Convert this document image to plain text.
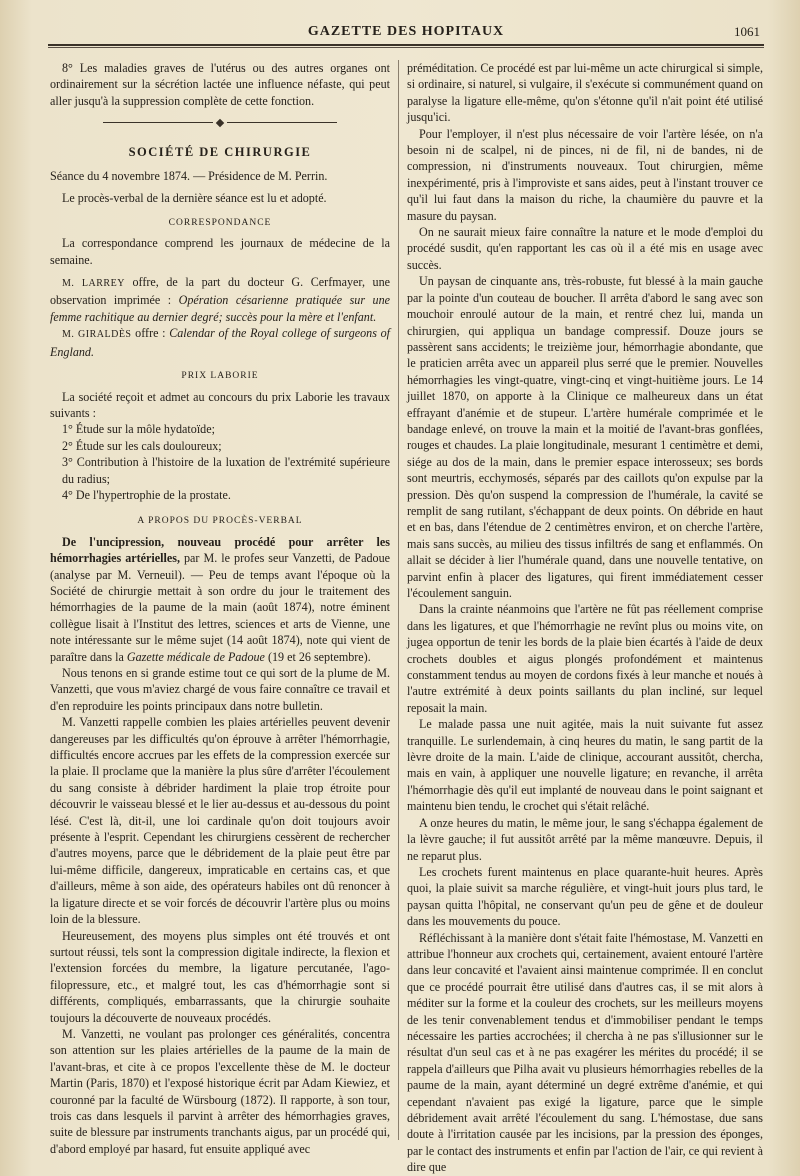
GAZETTE DES HOPITAUX	1061

8° Les maladies graves de l'utérus ou des autres organes ont ordinairement sur la sécrétion lactée une influence néfaste, qui peut aller jusqu'à la suppression complète de cette fonction.

SOCIÉTÉ DE CHIRURGIE

Séance du 4 novembre 1874. — Présidence de M. Perrin.

Le procès-verbal de la dernière séance est lu et adopté.

CORRESPONDANCE

La correspondance comprend les journaux de médecine de la semaine.

M. LARREY offre, de la part du docteur G. Cerfmayer, une observation imprimée : Opération césarienne pratiquée sur une femme rachitique au dernier degré; succès pour la mère et l'enfant.

M. GIRALDÈS offre : Calendar of the Royal college of surgeons of England.

PRIX LABORIE

La société reçoit et admet au concours du prix Laborie les travaux suivants :

1° Étude sur la môle hydatoïde;

2° Étude sur les cals douloureux;

3° Contribution à l'histoire de la luxation de l'extrémité supérieure du radius;

4° De l'hypertrophie de la prostate.

A PROPOS DU PROCÈS-VERBAL

De l'uncipression, nouveau procédé pour arrêter les hémorrhagies artérielles, par M. le profes seur Vanzetti, de Padoue (analyse par M. Verneuil). — Peu de temps avant l'époque où la Société de chirurgie mettait à son ordre du jour le traitement des hémorrhagies de la paume de la main (août 1874), notre éminent collègue lisait à l'Institut des lettres, sciences et arts de Vienne, une note intéressante sur le même sujet (14 août 1874), note qui vient de paraître dans la Gazette médicale de Padoue (19 et 26 septembre).

Nous tenons en si grande estime tout ce qui sort de la plume de M. Vanzetti, que vous m'aviez chargé de vous faire connaître ce travail et d'en reproduire les points principaux dans notre bulletin.

M. Vanzetti rappelle combien les plaies artérielles peuvent devenir dangereuses par les difficultés qu'on éprouve à arrêter l'hémorrhagie, difficultés encore accrues par les effets de la compression exercée sur la plaie. Il proclame que la manière la plus sûre d'arrêter l'écoulement du sang consiste à débrider hardiment la plaie trop étroite pour découvrir le vaisseau blessé et le lier au-dessus et au-dessous du point lésé. C'est là, dit-il, une loi cardinale qu'on doit toujours avoir présente à l'esprit. Cependant les chirurgiens cessèrent de rechercher d'autres moyens, parce que le débridement de la plaie peut être par lui-même difficile, dangereux, impraticable en certains cas, et que d'ailleurs, même à son aide, des opérateurs habiles ont dû renoncer à la ligature directe et se voir forcés de découvrir l'artère plus ou moins loin de la blessure.

Heureusement, des moyens plus simples ont été trouvés et ont surtout réussi, tels sont la compression digitale indirecte, la flexion et l'extension forcées du membre, la ligature percutanée, l'ago-filopressure, etc., et malgré tout, les cas d'hémorrhagie sont si différents, compliqués, embarrassants, que la chirurgie souhaite toujours la découverte de nouveaux procédés.

M. Vanzetti, ne voulant pas prolonger ces généralités, concentra son attention sur les plaies artérielles de la paume de la main de l'avant-bras, et cite à ce propos l'excellente thèse de M. le docteur Martin (Paris, 1870) et l'exposé historique écrit par Adam Kiewiez, et couronné par la faculté de Würsbourg (1872). Il rapporte, à son tour, trois cas dans lesquels il parvint à arrêter des hémorrhagies graves, suite de blessure par instruments tranchants aigus, par un procédé qui, d'abord employé par hasard, fut ensuite appliqué avec

préméditation. Ce procédé est par lui-même un acte chirurgical si simple, si ordinaire, si naturel, si vulgaire, il s'exécute si communément quand on paralyse la ligature elle-même, qu'on s'étonne qu'il n'ait point été utilisé jusqu'ici.

Pour l'employer, il n'est plus nécessaire de voir l'artère lésée, on n'a besoin ni de scalpel, ni de pinces, ni de fil, ni de bandes, ni de compression, ni d'instruments nouveaux. Tout chirurgien, même inexpérimenté, pris à l'improviste et sans aides, peut à l'instant trouver ce qu'il lui faut dans la maison du riche, la chaumière du pauvre et la masure du paysan.

On ne saurait mieux faire connaître la nature et le mode d'emploi du procédé susdit, qu'en rapportant les cas où il a été mis en usage avec succès.

Un paysan de cinquante ans, très-robuste, fut blessé à la main gauche par la pointe d'un couteau de boucher. Il arrêta d'abord le sang avec son mouchoir enroulé autour de la main, et rentré chez lui, manda un chirurgien, qui appliqua un bandage compressif. Douze jours se passèrent sans accidents; le treizième jour, hémorrhagie abondante, que le praticien arrêta avec un appareil plus serré que le premier. Nouvelles hémorrhagies les vingt-quatre, vingt-cinq et vingt-huitième jours. Le 14 juillet 1870, on apporte à la Clinique ce malheureux dans un état effrayant d'anémie et de stupeur. L'artère humérale comprimée et le bandage enlevé, on trouve la main et la moitié de l'avant-bras gonflées, rouges et chaudes. La plaie longitudinale, mesurant 1 centimètre et demi, siége au dos de la main, dans le premier espace interosseux; ses bords sont meurtris, ecchymosés, séparés par des caillots qu'on expulse par la pression. Dès qu'on suspend la compression de l'humérale, la cavité se remplit de sang rutilant, s'échappant de deux points. On débride en haut et en bas, dans l'étendue de 2 centimètres environ, et on cherche l'artère, mais sans succès, au milieu des tissus infiltrés de sang et enflammés. On allait se décider à lier l'humérale quand, dans une nouvelle tentative, on parvint enfin à placer des ligatures, qui firent immédiatement cesser l'écoulement sanguin.

Dans la crainte néanmoins que l'artère ne fût pas réellement comprise dans les ligatures, et que l'hémorrhagie ne revînt plus ou moins vite, on jugea opportun de tenir les bords de la plaie bien écartés à l'aide de deux crochets doubles et aigus plongés profondément et maintenus constamment tendus au moyen de cordons fixés à leur manche et noués à l'autre extrémité à deux points saillants du plan incliné, sur lequel reposait la main.

Le malade passa une nuit agitée, mais la nuit suivante fut assez tranquille. Le surlendemain, à cinq heures du matin, le sang partit de la lèvre droite de la main. L'aide de clinique, accourant aussitôt, chercha, mais en vain, à appliquer une nouvelle ligature; en revanche, il arrêta l'hémorrhagie dès qu'il eut implanté de nouveau dans le point saignant et maintenu bien tendu, le crochet qui s'était relâché.

A onze heures du matin, le même jour, le sang s'échappa également de la lèvre gauche; il fut aussitôt arrêté par la même manœuvre. Depuis, il ne reparut plus.

Les crochets furent maintenus en place quarante-huit heures. Après quoi, la plaie suivit sa marche régulière, et vingt-huit jours plus tard, le paysan quitta l'hôpital, ne conservant qu'un peu de gêne et de douleur dans les mouvements du pouce.

Réfléchissant à la manière dont s'était faite l'hémostase, M. Vanzetti en attribue l'honneur aux crochets qui, certainement, avaient entouré l'artère dans leur concavité et l'avaient ainsi maintenue comprimée. Il en conclut que ce procédé pourrait être utilisé dans d'autres cas, il se mit alors à méditer sur la forme et la couleur des crochets, sur les meilleurs moyens de les tenir convenablement tendus et d'immobiliser pendant le temps nécessaire les parties accrochées; il chercha à ne pas s'illusionner sur le résultat d'un seul cas et à ne pas exagérer les mérites du procédé; il se rappela d'ailleurs que Pilha avait vu plusieurs hémorrhagies rebelles de la paume de la main, ayant déterminé un degré extrême d'anémie, et qui cependant n'avaient pas exigé la ligature, parce que le simple débridement avait arrêté l'écoulement du sang. L'hémostase, due sans doute à l'irritation causée par les incisions, par la pression des éponges, par le contact des instruments et enfin par l'action de l'air, ce qui revient à dire que
